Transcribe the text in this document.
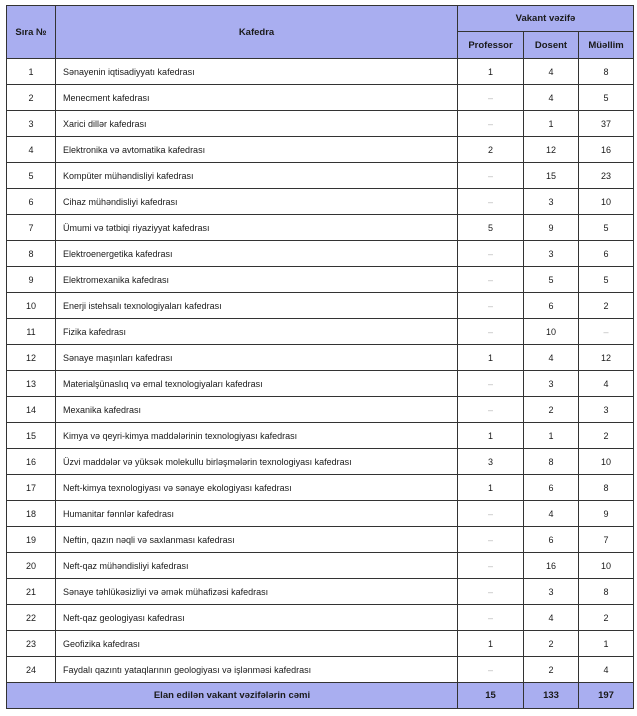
Sıra №	Kafedra	Vakant vəzifə		
		Professor	Dosent	Müəllim
1	Sənayenin iqtisadiyyatı kafedrası	1	4	8
2	Menecment kafedrası	–	4	5
3	Xarici dillər kafedrası	–	1	37
4	Elektronika və avtomatika kafedrası	2	12	16
5	Kompüter mühəndisliyi kafedrası	–	15	23
6	Cihaz mühəndisliyi kafedrası	–	3	10
7	Ümumi və tətbiqi riyaziyyat kafedrası	5	9	5
8	Elektroenergetika kafedrası	–	3	6
9	Elektromexanika kafedrası	–	5	5
10	Enerji istehsalı texnologiyaları kafedrası	–	6	2
11	Fizika kafedrası	–	10	–
12	Sənaye maşınları kafedrası	1	4	12
13	Materialşünaslıq və emal texnologiyaları kafedrası	–	3	4
14	Mexanika kafedrası	–	2	3
15	Kimya və qeyri-kimya maddələrinin texnologiyası kafedrası	1	1	2
16	Üzvi maddələr və yüksək molekullu birləşmələrin texnologiyası kafedrası	3	8	10
17	Neft-kimya texnologiyası və sənaye ekologiyası kafedrası	1	6	8
18	Humanitar fənnlər kafedrası	–	4	9
19	Neftin, qazın nəqli və saxlanması kafedrası	–	6	7
20	Neft-qaz mühəndisliyi kafedrası	–	16	10
21	Sənaye təhlükəsizliyi və əmək mühafizəsi kafedrası	–	3	8
22	Neft-qaz geologiyası kafedrası	–	4	2
23	Geofizika kafedrası	1	2	1
24	Faydalı qazıntı yataqlarının geologiyası və işlənməsi kafedrası	–	2	4
Elan edilən vakant vəzifələrin cəmi		15	133	197
